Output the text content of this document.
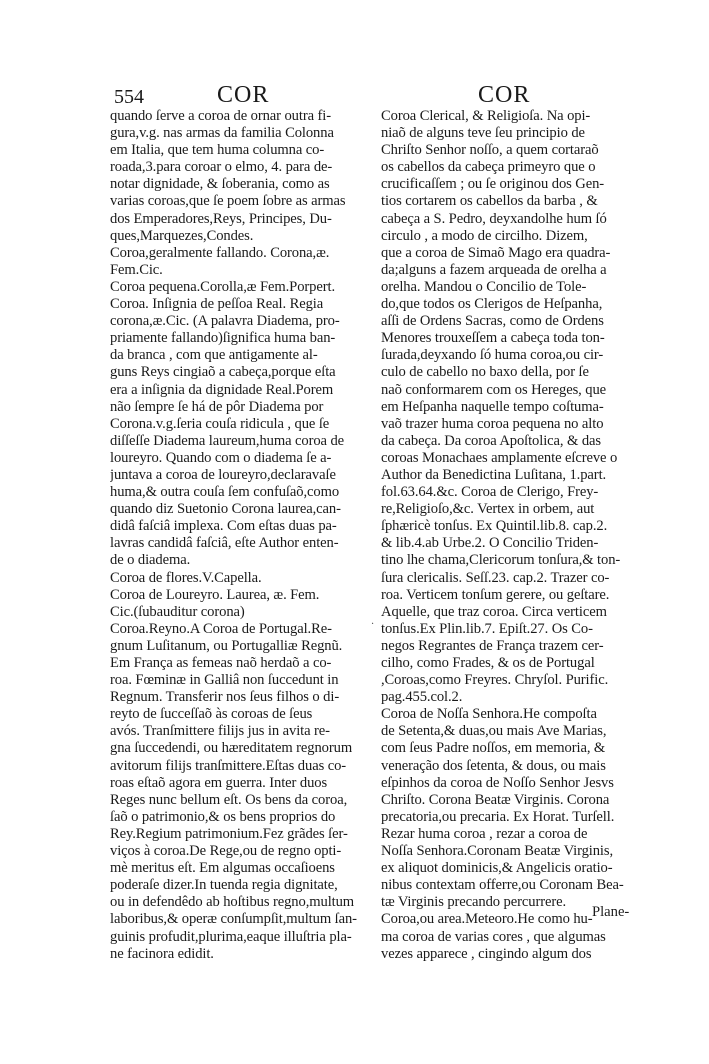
554	COR	COR
quando ſerve a coroa de ornar outra fi-
gura,v.g. nas armas da familia Colonna
em Italia, que tem huma columna co-
roada,3.para coroar o elmo, 4. para de-
notar dignidade, & ſoberania, como as
varias coroas,que ſe poem ſobre as armas
dos Emperadores,Reys, Principes, Du-
ques,Marquezes,Condes.
Coroa,geralmente fallando. Corona,æ.
Fem.Cic.
Coroa pequena.Corolla,æ Fem.Porpert.
Coroa. Inſignia de peſſoa Real. Regia
corona,æ.Cic. (A palavra Diadema, pro-
priamente fallando)ſignifica huma ban-
da branca , com que antigamente al-
guns Reys cingiaõ a cabeça,porque eſta
era a inſignia da dignidade Real.Porem
não ſempre ſe há de pôr Diadema por
Corona.v.g.ſeria couſa ridicula , que ſe
diſſeſſe Diadema laureum,huma coroa de
loureyro. Quando com o diadema ſe a-
juntava a coroa de loureyro,declaravaſe
huma,& outra couſa ſem confuſaõ,como
quando diz Suetonio Corona laurea,can-
didâ faſciâ implexa. Com eſtas duas pa-
lavras candidâ faſciâ, eſte Author enten-
de o diadema.
Coroa de flores.V.Capella.
Coroa de Loureyro. Laurea, æ. Fem.
Cic.(ſubauditur corona)
Coroa.Reyno.A Coroa de Portugal.Re-
gnum Luſitanum, ou Portugalliæ Regnũ.
Em França as femeas naõ herdaõ a co-
roa. Fœminæ in Galliâ non ſuccedunt in
Regnum. Transferir nos ſeus filhos o di-
reyto de ſucceſſaõ às coroas de ſeus
avós. Tranſmittere filijs jus in avita re-
gna ſuccedendi, ou hæreditatem regnorum
avitorum filijs tranſmittere.Eſtas duas co-
roas eſtaõ agora em guerra. Inter duos
Reges nunc bellum eſt. Os bens da coroa,
ſaõ o patrimonio,& os bens proprios do
Rey.Regium patrimonium.Fez grãdes ſer-
viços à coroa.De Rege,ou de regno opti-
mè meritus eſt. Em algumas occaſioens
poderaſe dizer.In tuenda regia dignitate,
ou in defendêdo ab hoſtibus regno,multum
laboribus,& operæ conſumpſit,multum ſan-
guinis profudit,plurima,eaque illuſtria pla-
ne facinora edidit.
Coroa Clerical, & Religioſa. Na opi-
niaõ de alguns teve ſeu principio de
Chriſto Senhor noſſo, a quem cortaraõ
os cabellos da cabeça primeyro que o
crucificaſſem ; ou ſe originou dos Gen-
tios cortarem os cabellos da barba , &
cabeça a S. Pedro, deyxandolhe hum ſó
circulo , a modo de circilho. Dizem,
que a coroa de Simaõ Mago era quadra-
da;alguns a fazem arqueada de orelha a
orelha. Mandou o Concilio de Tole-
do,que todos os Clerigos de Heſpanha,
aſſi de Ordens Sacras, como de Ordens
Menores trouxeſſem a cabeça toda ton-
ſurada,deyxando ſó huma coroa,ou cir-
culo de cabello no baxo della, por ſe
naõ conformarem com os Hereges, que
em Heſpanha naquelle tempo coſtuma-
vaõ trazer huma coroa pequena no alto
da cabeça. Da coroa Apoſtolica, & das
coroas Monachaes amplamente eſcreve o
Author da Benedictina Luſitana, 1.part.
fol.63.64.&c. Coroa de Clerigo, Frey-
re,Religioſo,&c. Vertex in orbem, aut
ſphæricè tonſus. Ex Quintil.lib.8. cap.2.
& lib.4.ab Urbe.2. O Concilio Triden-
tino lhe chama,Clericorum tonſura,& ton-
ſura clericalis. Seſſ.23. cap.2. Trazer co-
roa. Verticem tonſum gerere, ou geſtare.
Aquelle, que traz coroa. Circa verticem
tonſus.Ex Plin.lib.7. Epiſt.27. Os Co-
negos Regrantes de França trazem cer-
cilho, como Frades, & os de Portugal
,Coroas,como Freyres. Chryſol. Purific.
pag.455.col.2.
Coroa de Noſſa Senhora.He compoſta
de Setenta,& duas,ou mais Ave Marias,
com ſeus Padre noſſos, em memoria, &
veneração dos ſetenta, & dous, ou mais
eſpinhos da coroa de Noſſo Senhor Jesvs
Chriſto. Corona Beatæ Virginis. Corona
precatoria,ou precaria. Ex Horat. Turſell.
Rezar huma coroa , rezar a coroa de
Noſſa Senhora.Coronam Beatæ Virginis,
ex aliquot dominicis,& Angelicis oratio-
nibus contextam offerre,ou Coronam Bea-
tæ Virginis precando percurrere.
Coroa,ou area.Meteoro.He como hu-
ma coroa de varias cores , que algumas
vezes apparece , cingindo algum dos
·
Plane-
